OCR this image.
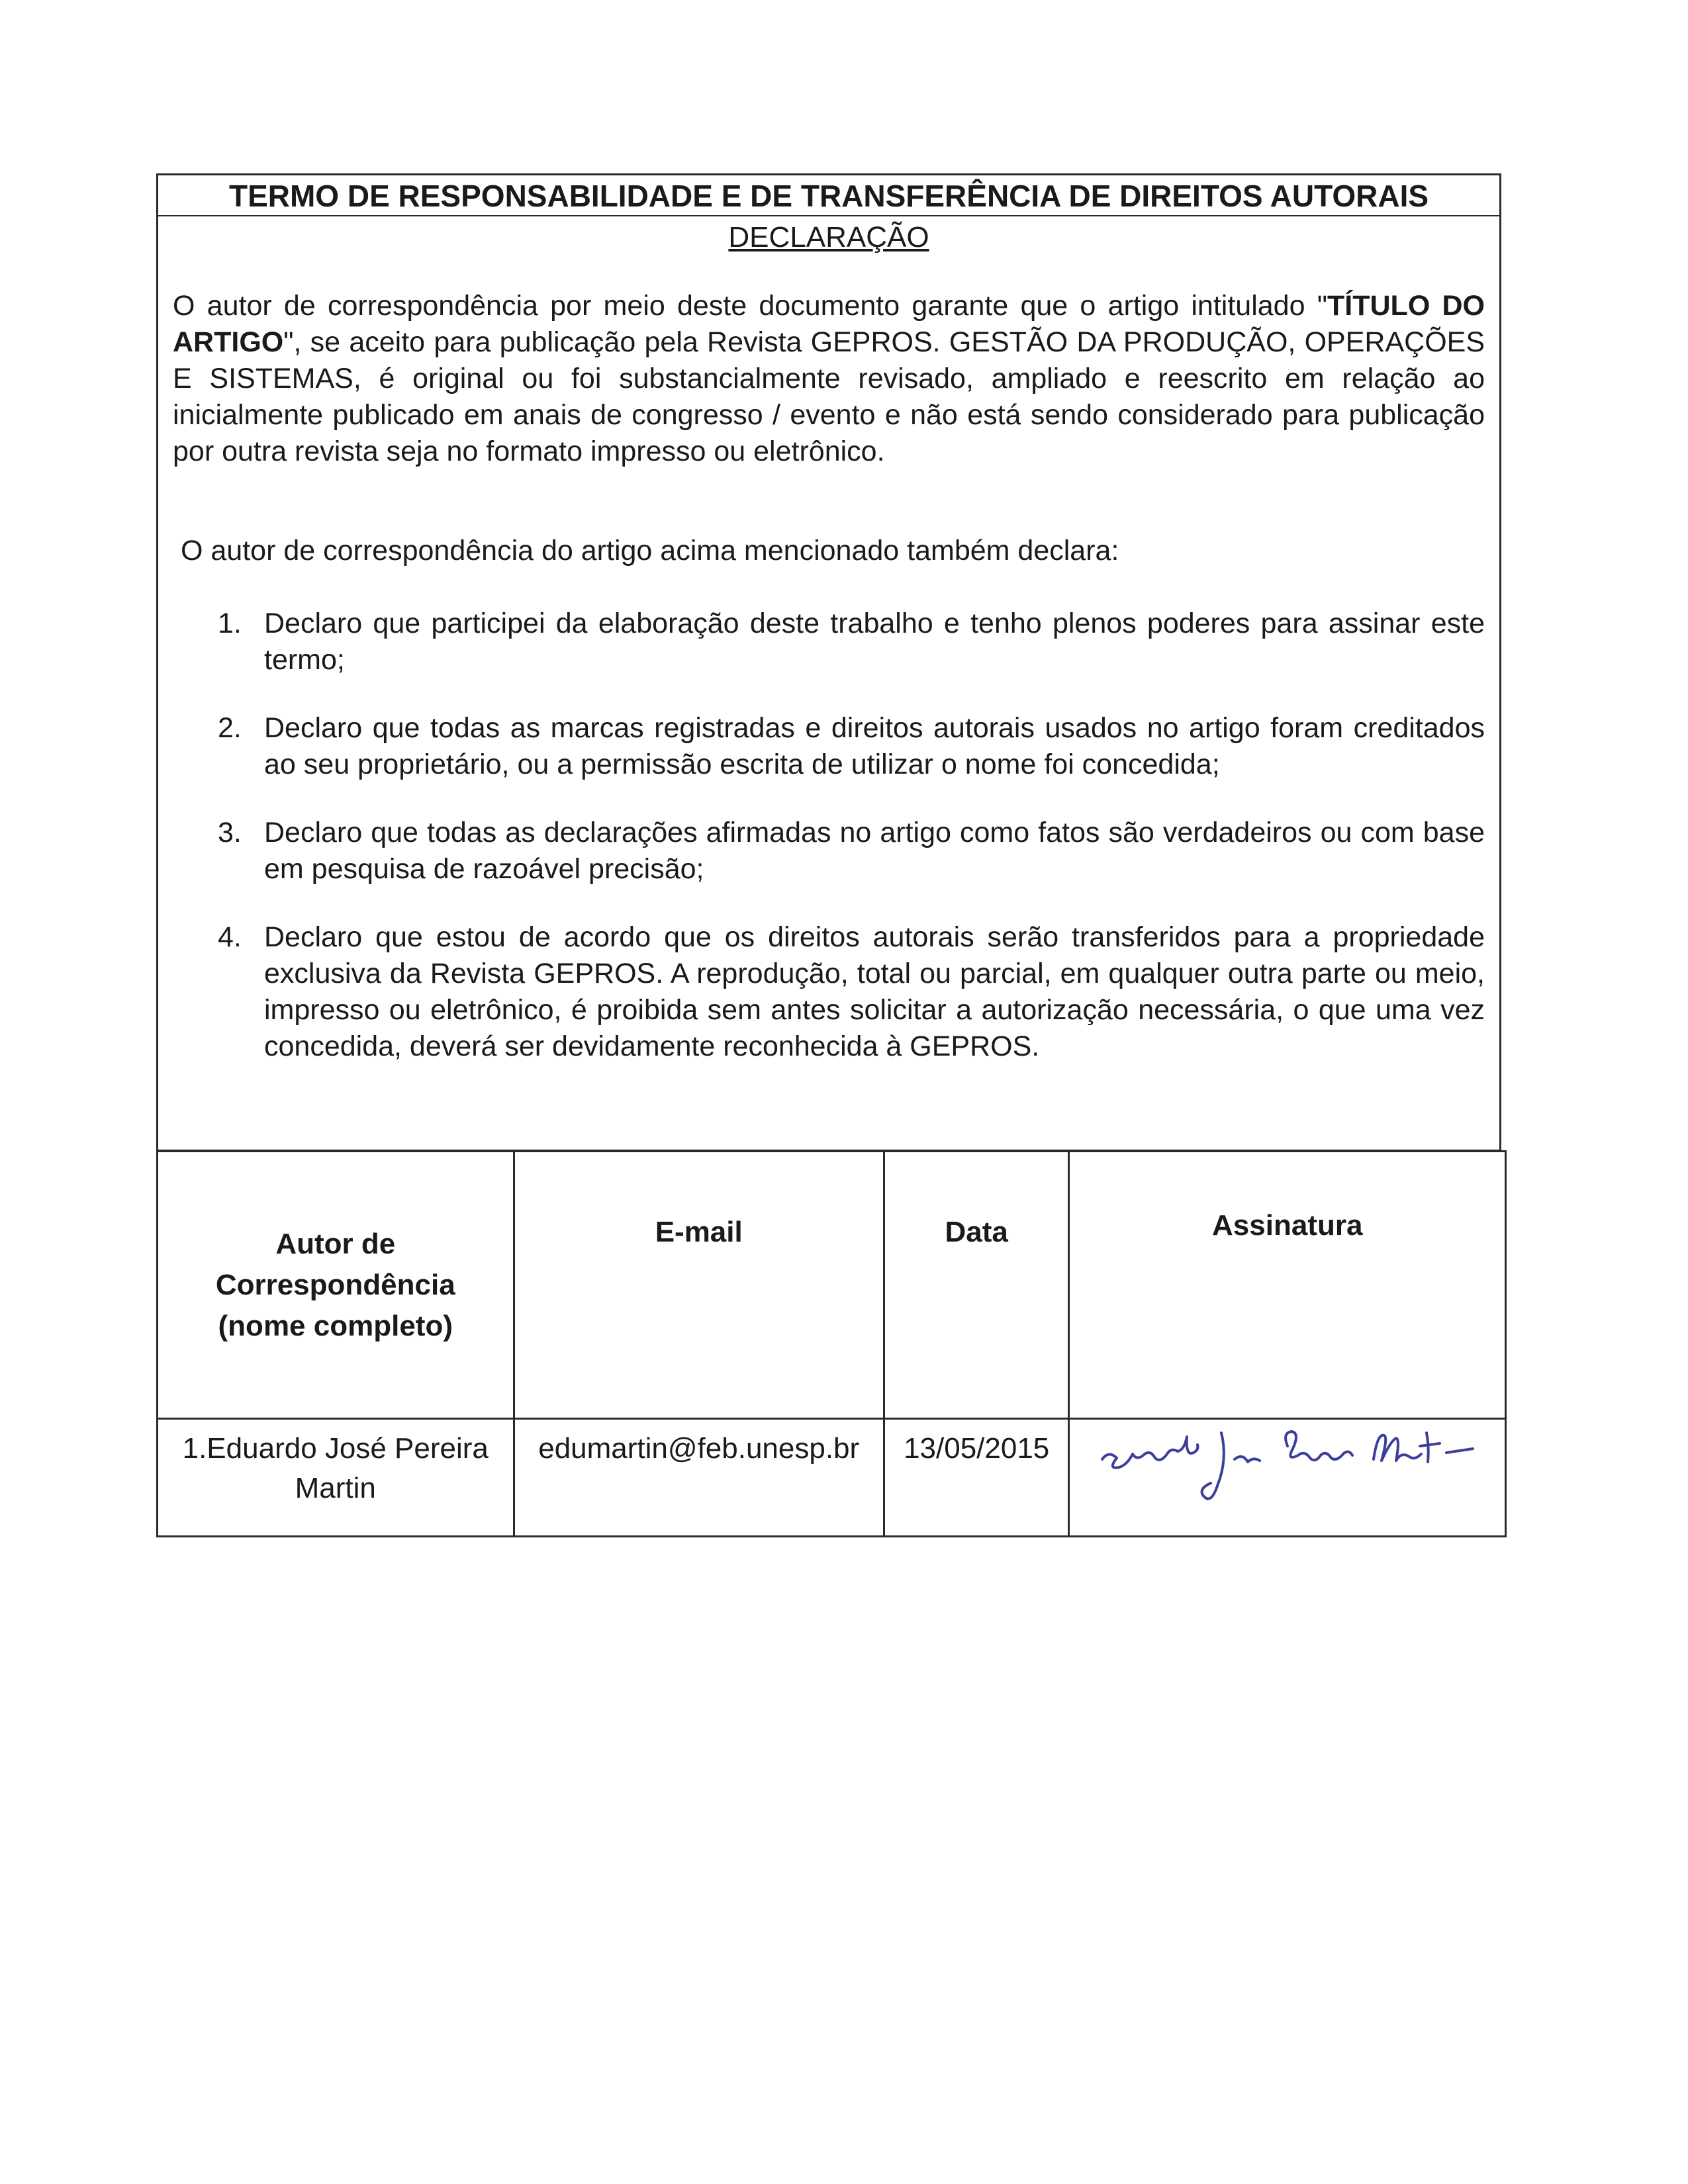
TERMO DE RESPONSABILIDADE E DE TRANSFERÊNCIA DE DIREITOS AUTORAIS
DECLARAÇÃO

O autor de correspondência por meio deste documento garante que o artigo intitulado "TÍTULO DO ARTIGO", se aceito para publicação pela Revista GEPROS. GESTÃO DA PRODUÇÃO, OPERAÇÕES E SISTEMAS, é original ou foi substancialmente revisado, ampliado e reescrito em relação ao inicialmente publicado em anais de congresso / evento e não está sendo considerado para publicação por outra revista seja no formato impresso ou eletrônico.

O autor de correspondência do artigo acima mencionado também declara:

1. Declaro que participei da elaboração deste trabalho e tenho plenos poderes para assinar este termo;
2. Declaro que todas as marcas registradas e direitos autorais usados no artigo foram creditados ao seu proprietário, ou a permissão escrita de utilizar o nome foi concedida;
3. Declaro que todas as declarações afirmadas no artigo como fatos são verdadeiros ou com base em pesquisa de razoável precisão;
4. Declaro que estou de acordo que os direitos autorais serão transferidos para a propriedade exclusiva da Revista GEPROS. A reprodução, total ou parcial, em qualquer outra parte ou meio, impresso ou eletrônico, é proibida sem antes solicitar a autorização necessária, o que uma vez concedida, deverá ser devidamente reconhecida à GEPROS.
Autor de
Correspondência
(nome completo)	E-mail	Data	Assinatura

1.Eduardo José Pereira
Martin	edumartin@feb.unesp.br	13/05/2015	
